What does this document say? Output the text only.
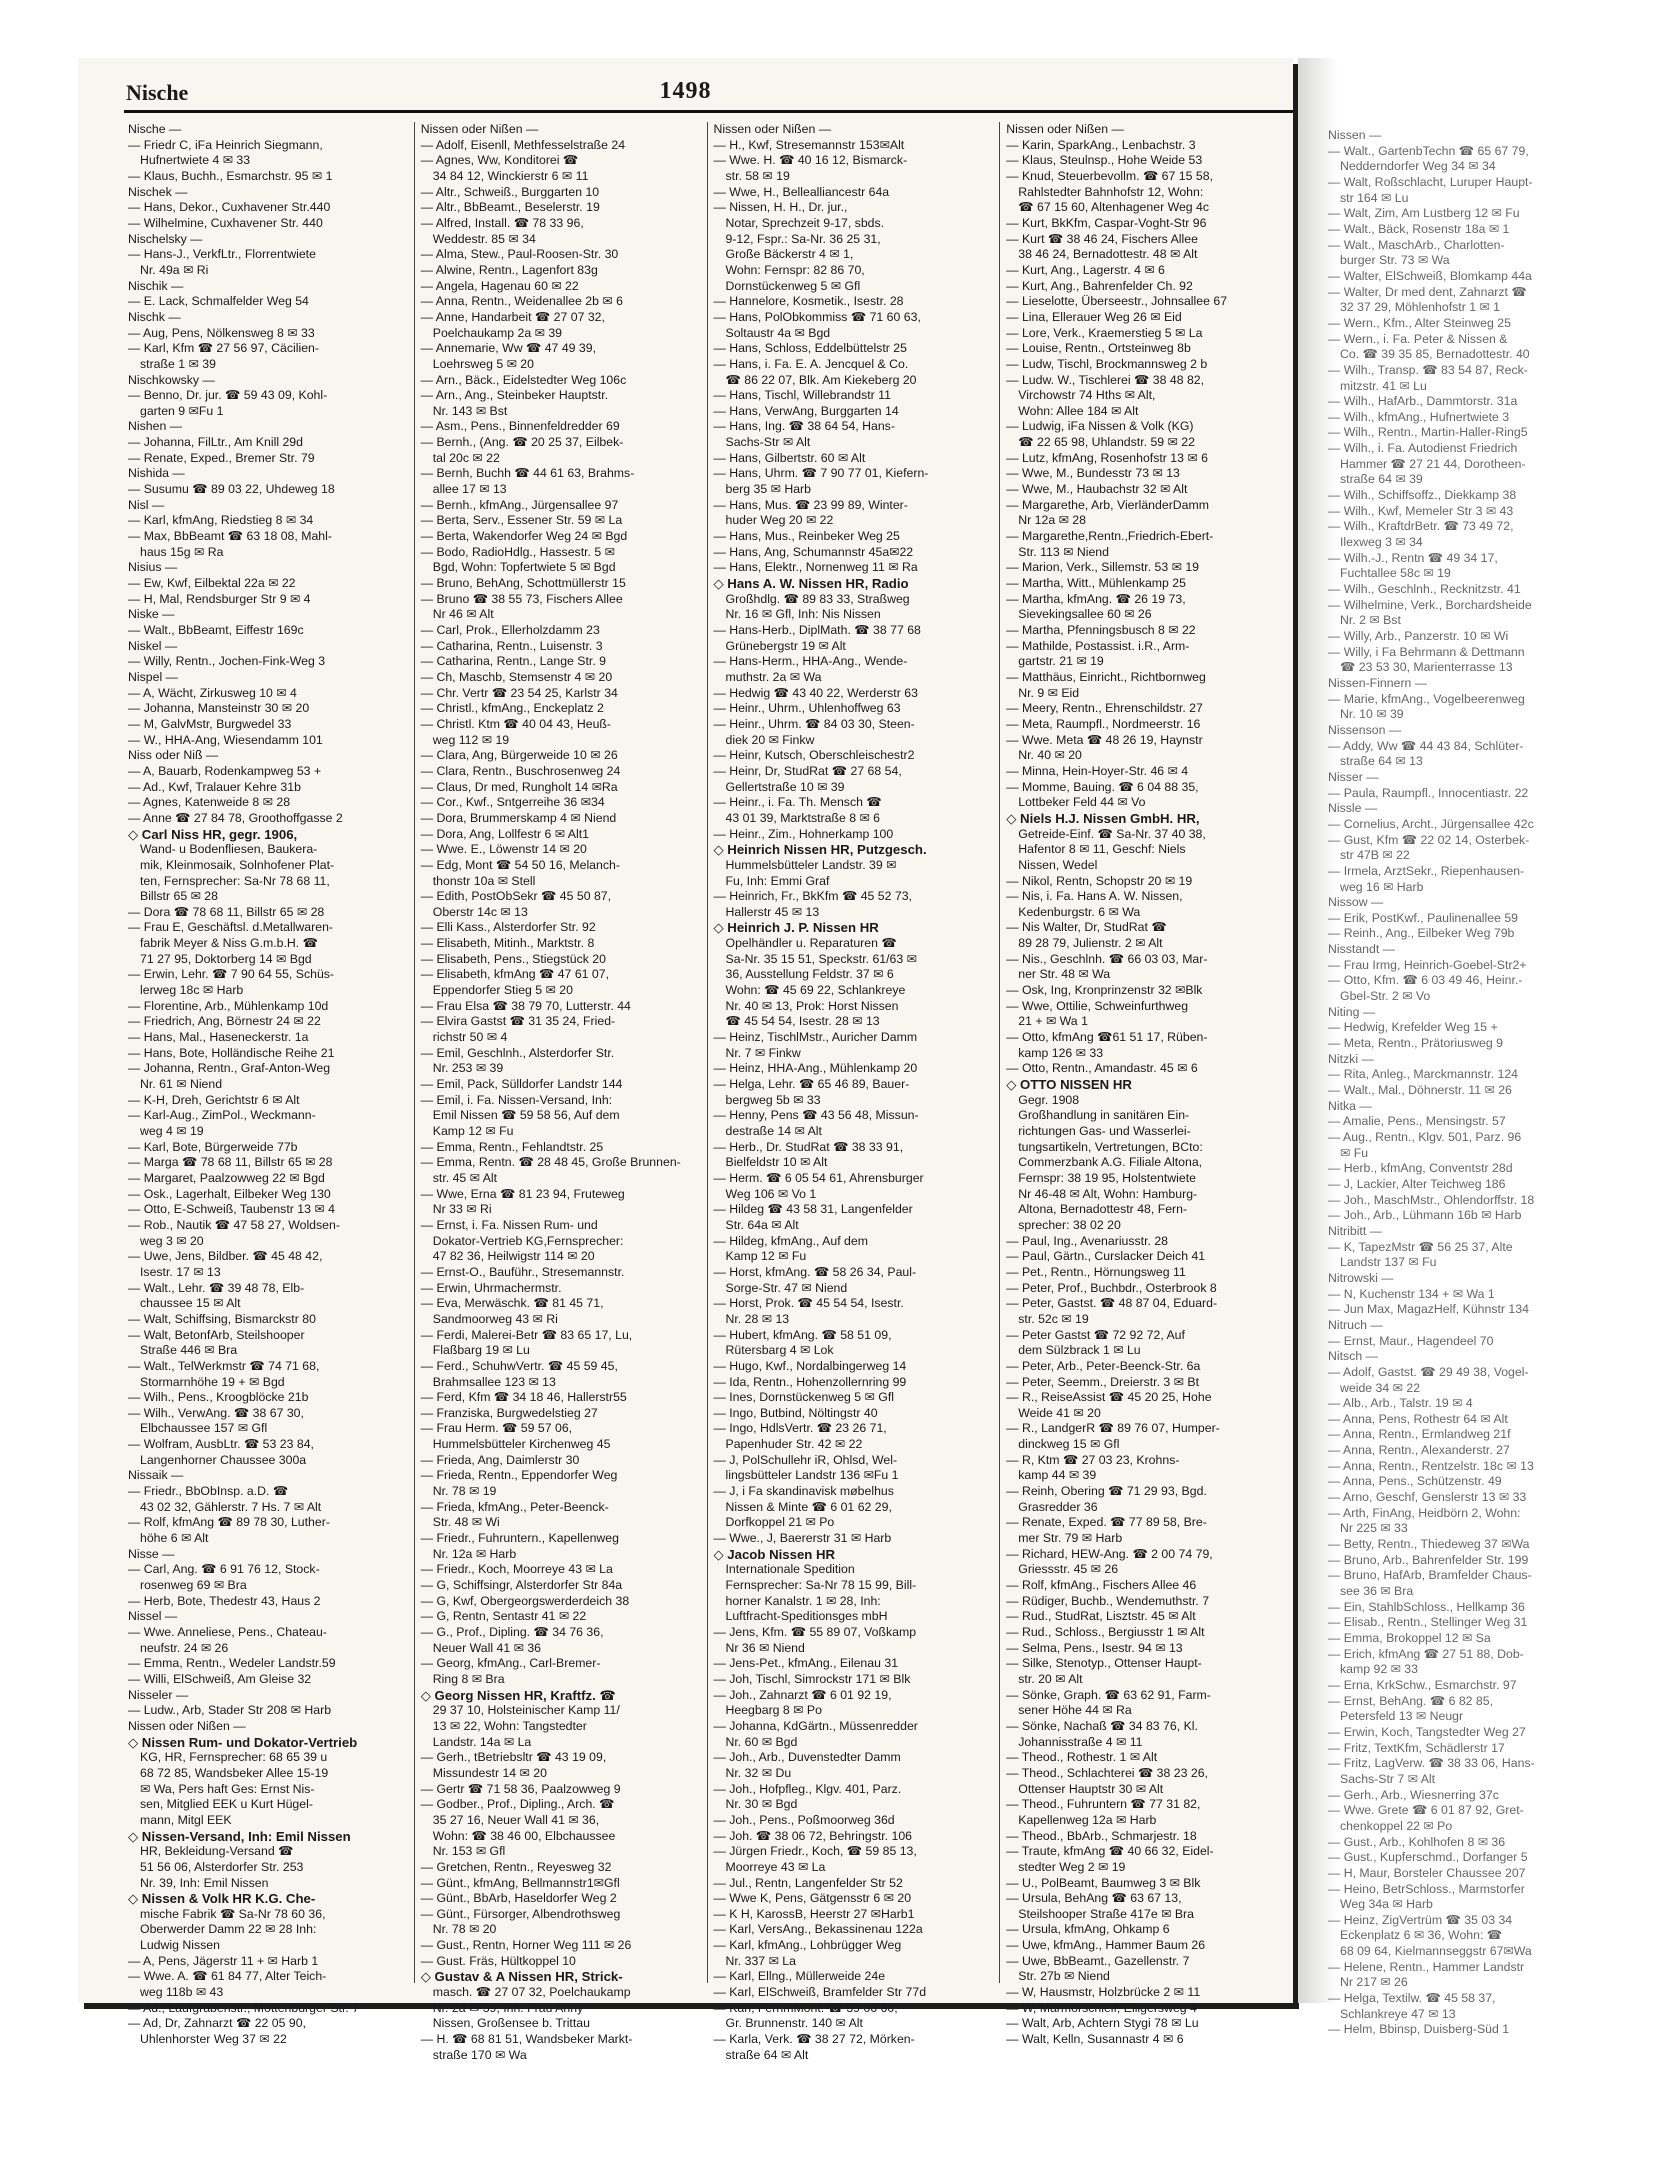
Nische	1498
Nische —
— Friedr C, iFa Heinrich Siegmann,
Hufnertwiete 4 ✉ 33
— Klaus, Buchh., Esmarchstr. 95 ✉ 1
Nischek —
— Hans, Dekor., Cuxhavener Str.440
— Wilhelmine, Cuxhavener Str. 440
Nischelsky —
— Hans-J., VerkfLtr., Florrentwiete
Nr. 49a ✉ Ri
Nischik —
— E. Lack, Schmalfelder Weg 54
Nischk —
— Aug, Pens, Nölkensweg 8 ✉ 33
— Karl, Kfm ☎ 27 56 97, Cäcilien-
straße 1 ✉ 39
Nischkowsky —
— Benno, Dr. jur. ☎ 59 43 09, Kohl-
garten 9 ✉Fu 1
Nishen —
— Johanna, FilLtr., Am Knill 29d
— Renate, Exped., Bremer Str. 79
Nishida —
— Susumu ☎ 89 03 22, Uhdeweg 18
Nisl —
— Karl, kfmAng, Riedstieg 8 ✉ 34
— Max, BbBeamt ☎ 63 18 08, Mahl-
haus 15g ✉ Ra
Nisius —
— Ew, Kwf, Eilbektal 22a ✉ 22
— H, Mal, Rendsburger Str 9 ✉ 4
Niske —
— Walt., BbBeamt, Eiffestr 169c
Niskel —
— Willy, Rentn., Jochen-Fink-Weg 3
Nispel —
— A, Wächt, Zirkusweg 10 ✉ 4
— Johanna, Mansteinstr 30 ✉ 20
— M, GalvMstr, Burgwedel 33
— W., HHA-Ang, Wiesendamm 101
Niss oder Niß —
— A, Bauarb, Rodenkampweg 53 +
— Ad., Kwf, Tralauer Kehre 31b
— Agnes, Katenweide 8 ✉ 28
— Anne ☎ 27 84 78, Groothoffgasse 2
◇ Carl Niss HR, gegr. 1906,
Wand- u Bodenfliesen, Baukera-
mik, Kleinmosaik, Solnhofener Plat-
ten, Fernsprecher: Sa-Nr 78 68 11,
Billstr 65 ✉ 28
— Dora ☎ 78 68 11, Billstr 65 ✉ 28
— Frau E, Geschäftsl. d.Metallwaren-
fabrik Meyer & Niss G.m.b.H. ☎
71 27 95, Doktorberg 14 ✉ Bgd
— Erwin, Lehr. ☎ 7 90 64 55, Schüs-
lerweg 18c ✉ Harb
— Florentine, Arb., Mühlenkamp 10d
— Friedrich, Ang, Börnestr 24 ✉ 22
— Hans, Mal., Haseneckerstr. 1a
— Hans, Bote, Holländische Reihe 21
— Johanna, Rentn., Graf-Anton-Weg
Nr. 61 ✉ Niend
— K-H, Dreh, Gerichtstr 6 ✉ Alt
— Karl-Aug., ZimPol., Weckmann-
weg 4 ✉ 19
— Karl, Bote, Bürgerweide 77b
— Marga ☎ 78 68 11, Billstr 65 ✉ 28
— Margaret, Paalzowweg 22 ✉ Bgd
— Osk., Lagerhalt, Eilbeker Weg 130
— Otto, E-Schweiß, Taubenstr 13 ✉ 4
— Rob., Nautik ☎ 47 58 27, Woldsen-
weg 3 ✉ 20
— Uwe, Jens, Bildber. ☎ 45 48 42,
Isestr. 17 ✉ 13
— Walt., Lehr. ☎ 39 48 78, Elb-
chaussee 15 ✉ Alt
— Walt, Schiffsing, Bismarckstr 80
— Walt, BetonfArb, Steilshooper
Straße 446 ✉ Bra
— Walt., TelWerkmstr ☎ 74 71 68,
Stormarnhöhe 19 + ✉ Bgd
— Wilh., Pens., Kroogblöcke 21b
— Wilh., VerwAng. ☎ 38 67 30,
Elbchaussee 157 ✉ Gfl
— Wolfram, AusbLtr. ☎ 53 23 84,
Langenhorner Chaussee 300a
Nissaik —
— Friedr., BbObInsp. a.D. ☎
43 02 32, Gählerstr. 7 Hs. 7 ✉ Alt
— Rolf, kfmAng ☎ 89 78 30, Luther-
höhe 6 ✉ Alt
Nisse —
— Carl, Ang. ☎ 6 91 76 12, Stock-
rosenweg 69 ✉ Bra
— Herb, Bote, Thedestr 43, Haus 2
Nissel —
— Wwe. Anneliese, Pens., Chateau-
neufstr. 24 ✉ 26
— Emma, Rentn., Wedeler Landstr.59
— Willi, ElSchweiß, Am Gleise 32
Nisseler —
— Ludw., Arb, Stader Str 208 ✉ Harb
Nissen oder Nißen —
◇ Nissen Rum- und Dokator-Vertrieb
KG, HR, Fernsprecher: 68 65 39 u
68 72 85, Wandsbeker Allee 15-19
✉ Wa, Pers haft Ges: Ernst Nis-
sen, Mitglied EEK u Kurt Hügel-
mann, Mitgl EEK
◇ Nissen-Versand, Inh: Emil Nissen
HR, Bekleidung-Versand ☎
51 56 06, Alsterdorfer Str. 253
Nr. 39, Inh: Emil Nissen
◇ Nissen & Volk HR K.G. Che-
mische Fabrik ☎ Sa-Nr 78 60 36,
Oberwerder Damm 22 ✉ 28 Inh:
Ludwig Nissen
— A, Pens, Jägerstr 11 + ✉ Harb 1
— Wwe. A. ☎ 61 84 77, Alter Teich-
weg 118b ✉ 43
— Ad., Laufgrabenstr., Mottenburger Str. 7
— Ad, Dr, Zahnarzt ☎ 22 05 90,
Uhlenhorster Weg 37 ✉ 22
Nissen oder Nißen —
— Adolf, Eisenll, Methfesselstraße 24
— Agnes, Ww, Konditorei ☎
34 84 12, Winckierstr 6 ✉ 11
— Altr., Schweiß., Burggarten 10
— Altr., BbBeamt., Beselerstr. 19
— Alfred, Install. ☎ 78 33 96,
Weddestr. 85 ✉ 34
— Alma, Stew., Paul-Roosen-Str. 30
— Alwine, Rentn., Lagenfort 83g
— Angela, Hagenau 60 ✉ 22
— Anna, Rentn., Weidenallee 2b ✉ 6
— Anne, Handarbeit ☎ 27 07 32,
Poelchaukamp 2a ✉ 39
— Annemarie, Ww ☎ 47 49 39,
Loehrsweg 5 ✉ 20
— Arn., Bäck., Eidelstedter Weg 106c
— Arn., Ang., Steinbeker Hauptstr.
Nr. 143 ✉ Bst
— Asm., Pens., Binnenfeldredder 69
— Bernh., (Ang. ☎ 20 25 37, Eilbek-
tal 20c ✉ 22
— Bernh, Buchh ☎ 44 61 63, Brahms-
allee 17 ✉ 13
— Bernh., kfmAng., Jürgensallee 97
— Berta, Serv., Essener Str. 59 ✉ La
— Berta, Wakendorfer Weg 24 ✉ Bgd
— Bodo, RadioHdlg., Hassestr. 5 ✉
Bgd, Wohn: Topfertwiete 5 ✉ Bgd
— Bruno, BehAng, Schottmüllerstr 15
— Bruno ☎ 38 55 73, Fischers Allee
Nr 46 ✉ Alt
— Carl, Prok., Ellerholzdamm 23
— Catharina, Rentn., Luisenstr. 3
— Catharina, Rentn., Lange Str. 9
— Ch, Maschb, Stemsenstr 4 ✉ 20
— Chr. Vertr ☎ 23 54 25, Karlstr 34
— Christl., kfmAng., Enckeplatz 2
— Christl. Ktm ☎ 40 04 43, Heuß-
weg 112 ✉ 19
— Clara, Ang, Bürgerweide 10 ✉ 26
— Clara, Rentn., Buschrosenweg 24
— Claus, Dr med, Rungholt 14 ✉Ra
— Cor., Kwf., Sntgerreihe 36 ✉34
— Dora, Brummerskamp 4 ✉ Niend
— Dora, Ang, Lollfestr 6 ✉ Alt1
— Wwe. E., Löwenstr 14 ✉ 20
— Edg, Mont ☎ 54 50 16, Melanch-
thonstr 10a ✉ Stell
— Edith, PostObSekr ☎ 45 50 87,
Oberstr 14c ✉ 13
— Elli Kass., Alsterdorfer Str. 92
— Elisabeth, Mitinh., Marktstr. 8
— Elisabeth, Pens., Stiegstück 20
— Elisabeth, kfmAng ☎ 47 61 07,
Eppendorfer Stieg 5 ✉ 20
— Frau Elsa ☎ 38 79 70, Lutterstr. 44
— Elvira Gastst ☎ 31 35 24, Fried-
richstr 50 ✉ 4
— Emil, Geschlnh., Alsterdorfer Str.
Nr. 253 ✉ 39
— Emil, Pack, Sülldorfer Landstr 144
— Emil, i. Fa. Nissen-Versand, Inh:
Emil Nissen ☎ 59 58 56, Auf dem
Kamp 12 ✉ Fu
— Emma, Rentn., Fehlandtstr. 25
— Emma, Rentn. ☎ 28 48 45, Große Brunnen-
str. 45 ✉ Alt
— Wwe, Erna ☎ 81 23 94, Fruteweg
Nr 33 ✉ Ri
— Ernst, i. Fa. Nissen Rum- und
Dokator-Vertrieb KG,Fernsprecher:
47 82 36, Heilwigstr 114 ✉ 20
— Ernst-O., Bauführ., Stresemannstr.
— Erwin, Uhrmachermstr.
— Eva, Merwäschk. ☎ 81 45 71,
Sandmoorweg 43 ✉ Ri
— Ferdi, Malerei-Betr ☎ 83 65 17, Lu,
Flaßbarg 19 ✉ Lu
— Ferd., SchuhwVertr. ☎ 45 59 45,
Brahmsallee 123 ✉ 13
— Ferd, Kfm ☎ 34 18 46, Hallerstr55
— Franziska, Burgwedelstieg 27
— Frau Herm. ☎ 59 57 06,
Hummelsbütteler Kirchenweg 45
— Frieda, Ang, Daimlerstr 30
— Frieda, Rentn., Eppendorfer Weg
Nr. 78 ✉ 19
— Frieda, kfmAng., Peter-Beenck-
Str. 48 ✉ Wi
— Friedr., Fuhruntern., Kapellenweg
Nr. 12a ✉ Harb
— Friedr., Koch, Moorreye 43 ✉ La
— G, Schiffsingr, Alsterdorfer Str 84a
— G, Kwf, Obergeorgswerderdeich 38
— G, Rentn, Sentastr 41 ✉ 22
— G., Prof., Dipling. ☎ 34 76 36,
Neuer Wall 41 ✉ 36
— Georg, kfmAng., Carl-Bremer-
Ring 8 ✉ Bra
◇ Georg Nissen HR, Kraftfz. ☎
29 37 10, Holsteinischer Kamp 11/
13 ✉ 22, Wohn: Tangstedter
Landstr. 14a ✉ La
— Gerh., tBetriebsltr ☎ 43 19 09,
Missundestr 14 ✉ 20
— Gertr ☎ 71 58 36, Paalzowweg 9
— Godber., Prof., Dipling., Arch. ☎
35 27 16, Neuer Wall 41 ✉ 36,
Wohn: ☎ 38 46 00, Elbchaussee
Nr. 153 ✉ Gfl
— Gretchen, Rentn., Reyesweg 32
— Günt., kfmAng, Bellmannstr1✉Gfl
— Günt., BbArb, Haseldorfer Weg 2
— Günt., Fürsorger, Albendrothsweg
Nr. 78 ✉ 20
— Gust., Rentn, Horner Weg 111 ✉ 26
— Gust. Fräs, Hültkoppel 10
◇ Gustav & A Nissen HR, Strick-
masch. ☎ 27 07 32, Poelchaukamp
Nr. 2a ✉ 39, Inh: Frau Anny
Nissen, Großensee b. Trittau
— H. ☎ 68 81 51, Wandsbeker Markt-
straße 170 ✉ Wa
Nissen oder Nißen —
— H., Kwf, Stresemannstr 153✉Alt
— Wwe. H. ☎ 40 16 12, Bismarck-
str. 58 ✉ 19
— Wwe, H., Belleallianсestr 64a
— Nissen, H. H., Dr. jur.,
Notar, Sprechzeit 9-17, sbds.
9-12, Fspr.: Sa-Nr. 36 25 31,
Große Bäckerstr 4 ✉ 1,
Wohn: Fernspr: 82 86 70,
Dornstückenweg 5 ✉ Gfl
— Hannelore, Kosmetik., Isestr. 28
— Hans, PolObkommiss ☎ 71 60 63,
Soltaustr 4a ✉ Bgd
— Hans, Schloss, Eddelbüttelstr 25
— Hans, i. Fa. E. A. Jencquel & Co.
☎ 86 22 07, Blk. Am Kiekeberg 20
— Hans, Tischl, Willebrandstr 11
— Hans, VerwAng, Burggarten 14
— Hans, Ing. ☎ 38 64 54, Hans-
Sachs-Str ✉ Alt
— Hans, Gilbertstr. 60 ✉ Alt
— Hans, Uhrm. ☎ 7 90 77 01, Kiefern-
berg 35 ✉ Harb
— Hans, Mus. ☎ 23 99 89, Winter-
huder Weg 20 ✉ 22
— Hans, Mus., Reinbeker Weg 25
— Hans, Ang, Schumannstr 45a✉22
— Hans, Elektr., Nornenweg 11 ✉ Ra
◇ Hans A. W. Nissen HR, Radio
Großhdlg. ☎ 89 83 33, Straßweg
Nr. 16 ✉ Gfl, Inh: Nis Nissen
— Hans-Herb., DiplMath. ☎ 38 77 68
Grünebergstr 19 ✉ Alt
— Hans-Herm., HHA-Ang., Wende-
muthstr. 2a ✉ Wa
— Hedwig ☎ 43 40 22, Werderstr 63
— Heinr., Uhrm., Uhlenhoffweg 63
— Heinr., Uhrm. ☎ 84 03 30, Steen-
diek 20 ✉ Finkw
— Heinr, Kutsch, Oberschleischestr2
— Heinr, Dr, StudRat ☎ 27 68 54,
Gellertstraße 10 ✉ 39
— Heinr., i. Fa. Th. Mensch ☎
43 01 39, Marktstraße 8 ✉ 6
— Heinr., Zim., Hohnerkamp 100
◇ Heinrich Nissen HR, Putzgesch.
Hummelsbütteler Landstr. 39 ✉
Fu, Inh: Emmi Graf
— Heinrich, Fr., BkKfm ☎ 45 52 73,
Hallerstr 45 ✉ 13
◇ Heinrich J. P. Nissen HR
Opelhändler u. Reparaturen ☎
Sa-Nr. 35 15 51, Speckstr. 61/63 ✉
36, Ausstellung Feldstr. 37 ✉ 6
Wohn: ☎ 45 69 22, Schlankreye
Nr. 40 ✉ 13, Prok: Horst Nissen
☎ 45 54 54, Isestr. 28 ✉ 13
— Heinz, TischlMstr., Auricher Damm
Nr. 7 ✉ Finkw
— Heinz, HHA-Ang., Mühlenkamp 20
— Helga, Lehr. ☎ 65 46 89, Bauer-
bergweg 5b ✉ 33
— Henny, Pens ☎ 43 56 48, Missun-
destraße 14 ✉ Alt
— Herb., Dr. StudRat ☎ 38 33 91,
Bielfeldstr 10 ✉ Alt
— Herm. ☎ 6 05 54 61, Ahrensburger
Weg 106 ✉ Vo 1
— Hildeg ☎ 43 58 31, Langenfelder
Str. 64a ✉ Alt
— Hildeg, kfmAng., Auf dem
Kamp 12 ✉ Fu
— Horst, kfmAng. ☎ 58 26 34, Paul-
Sorge-Str. 47 ✉ Niend
— Horst, Prok. ☎ 45 54 54, Isestr.
Nr. 28 ✉ 13
— Hubert, kfmAng. ☎ 58 51 09,
Rütersbarg 4 ✉ Lok
— Hugo, Kwf., Nordalbingerweg 14
— Ida, Rentn., Hohenzollernring 99
— Ines, Dornstückenweg 5 ✉ Gfl
— Ingo, Butbind, Nöltingstr 40
— Ingo, HdlsVertr. ☎ 23 26 71,
Papenhuder Str. 42 ✉ 22
— J, PolSchullehr iR, Ohlsd, Wel-
lingsbütteler Landstr 136 ✉Fu 1
— J, i Fa skandinavisk møbelhus
Nissen & Minte ☎ 6 01 62 29,
Dorfkoppel 21 ✉ Po
— Wwe., J, Baererstr 31 ✉ Harb
◇ Jacob Nissen HR
Internationale Spedition
Fernsprecher: Sa-Nr 78 15 99, Bill-
horner Kanalstr. 1 ✉ 28, Inh:
Luftfracht-Speditionsges mbH
— Jens, Kfm. ☎ 55 89 07, Voßkamp
Nr 36 ✉ Niend
— Jens-Pet., kfmAng., Eilenau 31
— Joh, Tischl, Simrockstr 171 ✉ Blk
— Joh., Zahnarzt ☎ 6 01 92 19,
Heegbarg 8 ✉ Po
— Johanna, KdGärtn., Müssenredder
Nr. 60 ✉ Bgd
— Joh., Arb., Duvenstedter Damm
Nr. 32 ✉ Du
— Joh., Hofpfleg., Klgv. 401, Parz.
Nr. 30 ✉ Bgd
— Joh., Pens., Poßmoorweg 36d
— Joh. ☎ 38 06 72, Behringstr. 106
— Jürgen Friedr., Koch, ☎ 59 85 13,
Moorreye 43 ✉ La
— Jul., Rentn, Langenfelder Str 52
— Wwe K, Pens, Gätgensstr 6 ✉ 20
— K H, KarossB, Heerstr 27 ✉Harb1
— Karl, VersAng., Bekassinenau 122a
— Karl, kfmAng., Lohbrügger Weg
Nr. 337 ✉ La
— Karl, Ellng., Müllerweide 24e
— Karl, ElSchweiß, Bramfelder Str 77d
— Karl, FernmMont. ☎ 39 06 60,
Gr. Brunnenstr. 140 ✉ Alt
— Karla, Verk. ☎ 38 27 72, Mörken-
straße 64 ✉ Alt
Nissen oder Nißen —
— Karin, SparkAng., Lenbachstr. 3
— Klaus, Steulnsp., Hohe Weide 53
— Knud, Steuerbevollm. ☎ 67 15 58,
Rahlstedter Bahnhofstr 12, Wohn:
☎ 67 15 60, Altenhagener Weg 4c
— Kurt, BkKfm, Caspar-Voght-Str 96
— Kurt ☎ 38 46 24, Fischers Allee
38 46 24, Bernadottestr. 48 ✉ Alt
— Kurt, Ang., Lagerstr. 4 ✉ 6
— Kurt, Ang., Bahrenfelder Ch. 92
— Lieselotte, Überseestr., Johnsallee 67
— Lina, Ellerauer Weg 26 ✉ Eid
— Lore, Verk., Kraemerstieg 5 ✉ La
— Louise, Rentn., Ortsteinweg 8b
— Ludw, Tischl, Brockmannsweg 2 b
— Ludw. W., Tischlerei ☎ 38 48 82,
Virchowstr 74 Hths ✉ Alt,
Wohn: Allee 184 ✉ Alt
— Ludwig, iFa Nissen & Volk (KG)
☎ 22 65 98, Uhlandstr. 59 ✉ 22
— Lutz, kfmAng, Rosenhofstr 13 ✉ 6
— Wwe, M., Bundesstr 73 ✉ 13
— Wwe, M., Haubachstr 32 ✉ Alt
— Margarethe, Arb, VierländerDamm
Nr 12a ✉ 28
— Margarethe,Rentn.,Friedrich-Ebert-
Str. 113 ✉ Niend
— Marion, Verk., Sillemstr. 53 ✉ 19
— Martha, Witt., Mühlenkamp 25
— Martha, kfmAng. ☎ 26 19 73,
Sievekingsallee 60 ✉ 26
— Martha, Pfenningsbusch 8 ✉ 22
— Mathilde, Postassist. i.R., Arm-
gartstr. 21 ✉ 19
— Matthäus, Einricht., Richtbornweg
Nr. 9 ✉ Eid
— Meery, Rentn., Ehrenschildstr. 27
— Meta, Raumpfl., Nordmeerstr. 16
— Wwe. Meta ☎ 48 26 19, Haynstr
Nr. 40 ✉ 20
— Minna, Hein-Hoyer-Str. 46 ✉ 4
— Momme, Bauing. ☎ 6 04 88 35,
Lottbeker Feld 44 ✉ Vo
◇ Niels H.J. Nissen GmbH. HR,
Getreide-Einf. ☎ Sa-Nr. 37 40 38,
Hafentor 8 ✉ 11, Geschf: Niels
Nissen, Wedel
— Nikol, Rentn, Schopstr 20 ✉ 19
— Nis, i. Fa. Hans A. W. Nissen,
Kedenburgstr. 6 ✉ Wa
— Nis Walter, Dr, StudRat ☎
89 28 79, Julienstr. 2 ✉ Alt
— Nis., Geschlnh. ☎ 66 03 03, Mar-
ner Str. 48 ✉ Wa
— Osk, Ing, Kronprinzenstr 32 ✉Blk
— Wwe, Ottilie, Schweinfurthweg
21 + ✉ Wa 1
— Otto, kfmAng ☎61 51 17, Rüben-
kamp 126 ✉ 33
— Otto, Rentn., Amandastr. 45 ✉ 6
◇ OTTO NISSEN HR
Gegr. 1908
Großhandlung in sanitären Ein-
richtungen Gas- und Wasserlei-
tungsartikeln, Vertretungen, BCto:
Commerzbank A.G. Filiale Altona,
Fernspr: 38 19 95, Holstentwiete
Nr 46-48 ✉ Alt, Wohn: Hamburg-
Altona, Bernadottestr 48, Fern-
sprecher: 38 02 20
— Paul, Ing., Avenariusstr. 28
— Paul, Gärtn., Curslacker Deich 41
— Pet., Rentn., Hörnungsweg 11
— Peter, Prof., Buchbdr., Osterbrook 8
— Peter, Gastst. ☎ 48 87 04, Eduard-
str. 52c ✉ 19
— Peter Gastst ☎ 72 92 72, Auf
dem Sülzbrack 1 ✉ Lu
— Peter, Arb., Peter-Beenck-Str. 6a
— Peter, Seemm., Dreierstr. 3 ✉ Bt
— R., ReiseAssist ☎ 45 20 25, Hohe
Weide 41 ✉ 20
— R., LandgerR ☎ 89 76 07, Humper-
dinckweg 15 ✉ Gfl
— R, Ktm ☎ 27 03 23, Krohns-
kamp 44 ✉ 39
— Reinh, Obering ☎ 71 29 93, Bgd.
Grasredder 36
— Renate, Exped. ☎ 77 89 58, Bre-
mer Str. 79 ✉ Harb
— Richard, HEW-Ang. ☎ 2 00 74 79,
Griessstr. 45 ✉ 26
— Rolf, kfmAng., Fischers Allee 46
— Rüdiger, Buchb., Wendemuthstr. 7
— Rud., StudRat, Lisztstr. 45 ✉ Alt
— Rud., Schloss., Bergiusstr 1 ✉ Alt
— Selma, Pens., Isestr. 94 ✉ 13
— Silke, Stenotyp., Ottenser Haupt-
str. 20 ✉ Alt
— Sönke, Graph. ☎ 63 62 91, Farm-
sener Höhe 44 ✉ Ra
— Sönke, Nachaß ☎ 34 83 76, Kl.
Johannisstraße 4 ✉ 11
— Theod., Rothestr. 1 ✉ Alt
— Theod., Schlachterei ☎ 38 23 26,
Ottenser Hauptstr 30 ✉ Alt
— Theod., Fuhruntern ☎ 77 31 82,
Kapellenweg 12a ✉ Harb
— Theod., BbArb., Schmarjestr. 18
— Traute, kfmAng ☎ 40 66 32, Eidel-
stedter Weg 2 ✉ 19
— U., PolBeamt, Baumweg 3 ✉ Blk
— Ursula, BehAng ☎ 63 67 13,
Steilshooper Straße 417e ✉ Bra
— Ursula, kfmAng, Ohkamp 6
— Uwe, kfmAng., Hammer Baum 26
— Uwe, BbBeamt., Gazellenstr. 7
Str. 27b ✉ Niend
— W, Hausmstr, Holzbrücke 2 ✉ 11
— W, Marmorschleif, Elligersweg 4
— Walt, Arb, Achtern Stygi 78 ✉ Lu
— Walt, Kelln, Susannastr 4 ✉ 6
Nissen —
— Walt., GartenbTechn ☎ 65 67 79,
Nedderndorfer Weg 34 ✉ 34
— Walt, Roßschlacht, Luruper Haupt-
str 164 ✉ Lu
— Walt, Zim, Am Lustberg 12 ✉ Fu
— Walt., Bäck, Rosenstr 18a ✉ 1
— Walt., MaschArb., Charlotten-
burger Str. 73 ✉ Wa
— Walter, ElSchweiß, Blomkamp 44a
— Walter, Dr med dent, Zahnarzt ☎
32 37 29, Möhlenhofstr 1 ✉ 1
— Wern., Kfm., Alter Steinweg 25
— Wern., i. Fa. Peter & Nissen &
Co. ☎ 39 35 85, Bernadottestr. 40
— Wilh., Transp. ☎ 83 54 87, Reck-
mitzstr. 41 ✉ Lu
— Wilh., HafArb., Dammtorstr. 31a
— Wilh., kfmAng., Hufnertwiete 3
— Wilh., Rentn., Martin-Haller-Ring5
— Wilh., i. Fa. Autodienst Friedrich
Hammer ☎ 27 21 44, Dorotheen-
straße 64 ✉ 39
— Wilh., Schiffsoffz., Diekkamp 38
— Wilh., Kwf, Memeler Str 3 ✉ 43
— Wilh., KraftdrBetr. ☎ 73 49 72,
Ilexweg 3 ✉ 34
— Wilh.-J., Rentn ☎ 49 34 17,
Fuchtallee 58c ✉ 19
— Wilh., Geschlnh., Recknitzstr. 41
— Wilhelmine, Verk., Borchardsheide
Nr. 2 ✉ Bst
— Willy, Arb., Panzerstr. 10 ✉ Wi
— Willy, i Fa Behrmann & Dettmann
☎ 23 53 30, Marienterrasse 13
Nissen-Finnern —
— Marie, kfmAng., Vogelbeerenweg
Nr. 10 ✉ 39
Nissenson —
— Addy, Ww ☎ 44 43 84, Schlüter-
straße 64 ✉ 13
Nisser —
— Paula, Raumpfl., Innocentiastr. 22
Nissle —
— Cornelius, Archt., Jürgensallee 42c
— Gust, Kfm ☎ 22 02 14, Osterbek-
str 47B ✉ 22
— Irmela, ArztSekr., Riepenhausen-
weg 16 ✉ Harb
Nissow —
— Erik, PostKwf., Paulinenallee 59
— Reinh., Ang., Eilbeker Weg 79b
Nisstandt —
— Frau Irmg, Heinrich-Goebel-Str2+
— Otto, Kfm. ☎ 6 03 49 46, Heinr.-
Gbel-Str. 2 ✉ Vo
Niting —
— Hedwig, Krefelder Weg 15 +
— Meta, Rentn., Prätoriusweg 9
Nitzki —
— Rita, Anleg., Marckmannstr. 124
— Walt., Mal., Döhnerstr. 11 ✉ 26
Nitka —
— Amalie, Pens., Mensingstr. 57
— Aug., Rentn., Klgv. 501, Parz. 96
✉ Fu
— Herb., kfmAng, Conventstr 28d
— J, Lackier, Alter Teichweg 186
— Joh., MaschMstr., Ohlendorffstr. 18
— Joh., Arb., Lühmann 16b ✉ Harb
Nitribitt —
— K, TapezMstr ☎ 56 25 37, Alte
Landstr 137 ✉ Fu
Nitrowski —
— N, Kuchenstr 134 + ✉ Wa 1
— Jun Max, MagazHelf, Kühnstr 134
Nitruch —
— Ernst, Maur., Hagendeel 70
Nitsch —
— Adolf, Gastst. ☎ 29 49 38, Vogel-
weide 34 ✉ 22
— Alb., Arb., Talstr. 19 ✉ 4
— Anna, Pens, Rothestr 64 ✉ Alt
— Anna, Rentn., Ermlandweg 21f
— Anna, Rentn., Alexanderstr. 27
— Anna, Rentn., Rentzelstr. 18c ✉ 13
— Anna, Pens., Schützenstr. 49
— Arno, Geschf, Genslerstr 13 ✉ 33
— Arth, FinAng, Heidbörn 2, Wohn:
Nr 225 ✉ 33
— Betty, Rentn., Thiedeweg 37 ✉Wa
— Bruno, Arb., Bahrenfelder Str. 199
— Bruno, HafArb, Bramfelder Chaus-
see 36 ✉ Bra
— Ein, StahlbSchloss., Hellkamp 36
— Elisab., Rentn., Stellinger Weg 31
— Emma, Brokoppel 12 ✉ Sa
— Erich, kfmAng ☎ 27 51 88, Dob-
kamp 92 ✉ 33
— Erna, KrkSchw., Esmarchstr. 97
— Ernst, BehAng. ☎ 6 82 85,
Petersfeld 13 ✉ Neugr
— Erwin, Koch, Tangstedter Weg 27
— Fritz, TextKfm, Schädlerstr 17
— Fritz, LagVerw. ☎ 38 33 06, Hans-
Sachs-Str 7 ✉ Alt
— Gerh., Arb., Wiesnerring 37c
— Wwe. Grete ☎ 6 01 87 92, Gret-
chenkoppel 22 ✉ Po
— Gust., Arb., Kohlhofen 8 ✉ 36
— Gust., Kupferschmd., Dorfanger 5
— H, Maur, Borsteler Chaussee 207
— Heino, BetrSchloss., Marmstorfer
Weg 34a ✉ Harb
— Heinz, ZigVertrüm ☎ 35 03 34
Eckenplatz 6 ✉ 36, Wohn: ☎
68 09 64, Kielmannseggstr 67✉Wa
— Helene, Rentn., Hammer Landstr
Nr 217 ✉ 26
— Helga, Textilw. ☎ 45 58 37,
Schlankreye 47 ✉ 13
— Helm, Bbinsp, Duisberg-Süd 1
